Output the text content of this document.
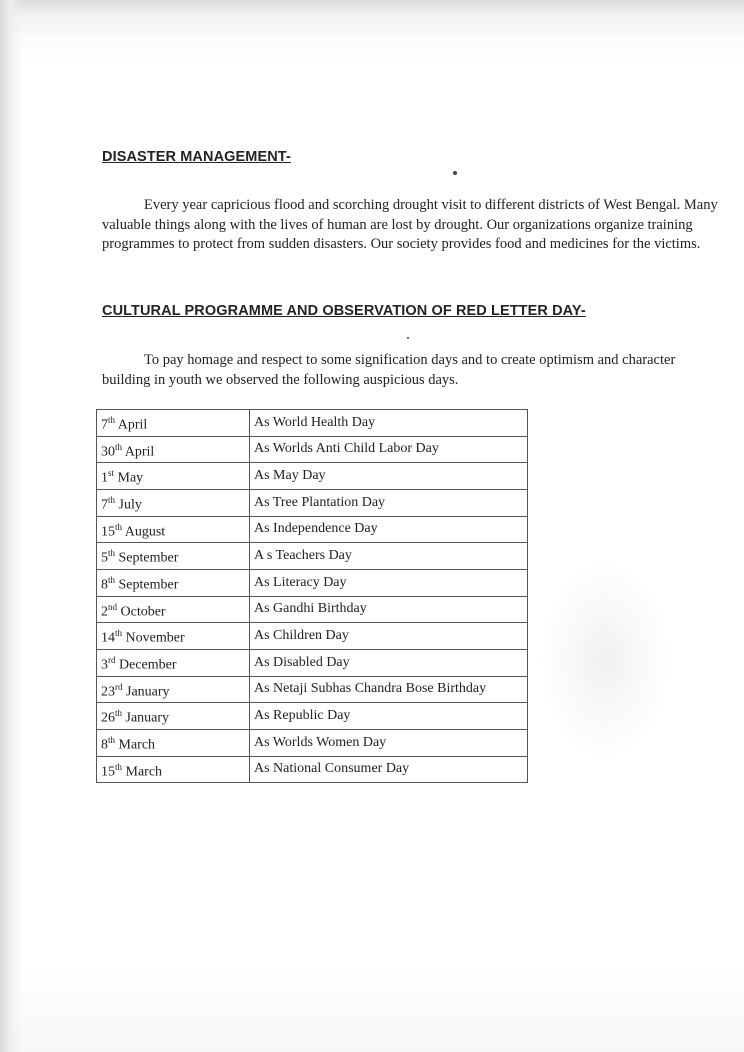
DISASTER MANAGEMENT-

Every year capricious flood and scorching drought visit to different districts of West Bengal. Many valuable things along with the lives of human are lost by drought. Our organizations organize training programmes to protect from sudden disasters. Our society provides food and medicines for the victims.

CULTURAL PROGRAMME AND OBSERVATION OF RED LETTER DAY-

To pay homage and respect to some signification days and to create optimism and character building in youth we observed the following auspicious days.

7th April	As World Health Day
30th April	As Worlds Anti Child Labor Day
1st May	As May Day
7th July	As Tree Plantation Day
15th August	As Independence Day
5th September	A s Teachers Day
8th September	As Literacy Day
2nd October	As Gandhi Birthday
14th November	As Children Day
3rd December	As Disabled Day
23rd January	As Netaji Subhas Chandra Bose Birthday
26th January	As Republic Day
8th March	As Worlds Women Day
15th March	As National Consumer Day
